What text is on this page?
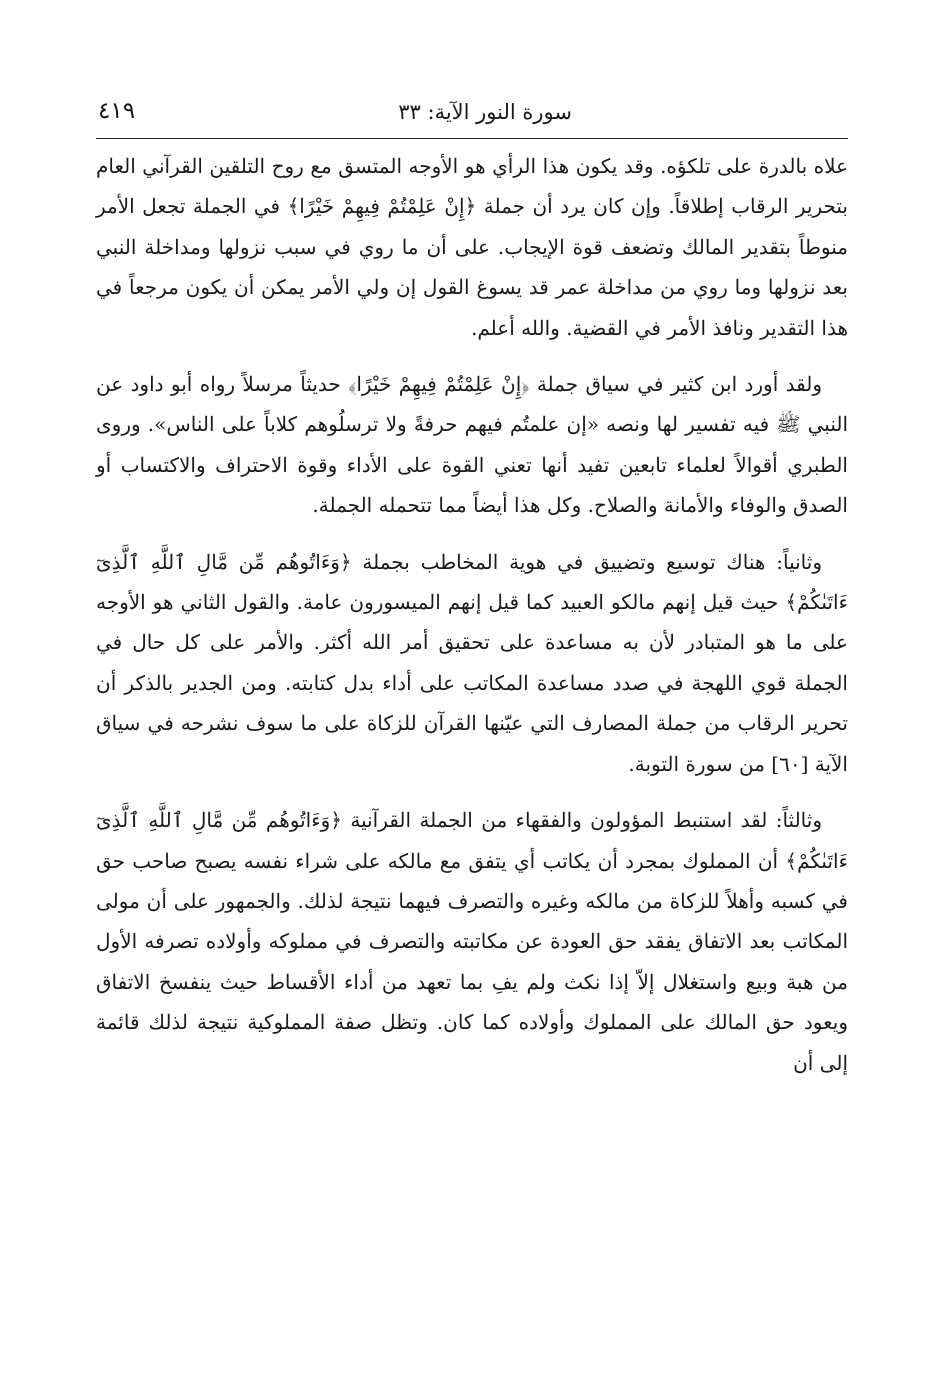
سورة النور الآية: ٣٣
٤١٩

علاه بالدرة على تلكؤه. وقد يكون هذا الرأي هو الأوجه المتسق مع روح التلقين القرآني العام بتحرير الرقاب إطلاقاً. وإن كان يرد أن جملة ﴿إِنْ عَلِمْتُمْ فِيهِمْ خَيْرًا﴾ في الجملة تجعل الأمر منوطاً بتقدير المالك وتضعف قوة الإيجاب. على أن ما روي في سبب نزولها ومداخلة النبي بعد نزولها وما روي من مداخلة عمر قد يسوغ القول إن ولي الأمر يمكن أن يكون مرجعاً في هذا التقدير ونافذ الأمر في القضية. والله أعلم.

ولقد أورد ابن كثير في سياق جملة ﴿إِنْ عَلِمْتُمْ فِيهِمْ خَيْرًا﴾ حديثاً مرسلاً رواه أبو داود عن النبي ﷺ فيه تفسير لها ونصه «إن علمتُم فيهم حرفةً ولا ترسلُوهم كلاباً على الناس». وروى الطبري أقوالاً لعلماء تابعين تفيد أنها تعني القوة على الأداء وقوة الاحتراف والاكتساب أو الصدق والوفاء والأمانة والصلاح. وكل هذا أيضاً مما تتحمله الجملة.

وثانياً: هناك توسيع وتضييق في هوية المخاطب بجملة ﴿وَءَاتُوهُم مِّن مَّالِ ٱللَّهِ ٱلَّذِىٓ ءَاتَىٰكُمْ﴾ حيث قيل إنهم مالكو العبيد كما قيل إنهم الميسورون عامة. والقول الثاني هو الأوجه على ما هو المتبادر لأن به مساعدة على تحقيق أمر الله أكثر. والأمر على كل حال في الجملة قوي اللهجة في صدد مساعدة المكاتب على أداء بدل كتابته. ومن الجدير بالذكر أن تحرير الرقاب من جملة المصارف التي عيّنها القرآن للزكاة على ما سوف نشرحه في سياق الآية [٦٠] من سورة التوبة.

وثالثاً: لقد استنبط المؤولون والفقهاء من الجملة القرآنية ﴿وَءَاتُوهُم مِّن مَّالِ ٱللَّهِ ٱلَّذِىٓ ءَاتَىٰكُمْ﴾ أن المملوك بمجرد أن يكاتب أي يتفق مع مالكه على شراء نفسه يصبح صاحب حق في كسبه وأهلاً للزكاة من مالكه وغيره والتصرف فيهما نتيجة لذلك. والجمهور على أن مولى المكاتب بعد الاتفاق يفقد حق العودة عن مكاتبته والتصرف في مملوكه وأولاده تصرفه الأول من هبة وبيع واستغلال إلاّ إذا نكث ولم يفِ بما تعهد من أداء الأقساط حيث ينفسخ الاتفاق ويعود حق المالك على المملوك وأولاده كما كان. وتظل صفة المملوكية نتيجة لذلك قائمة إلى أن
